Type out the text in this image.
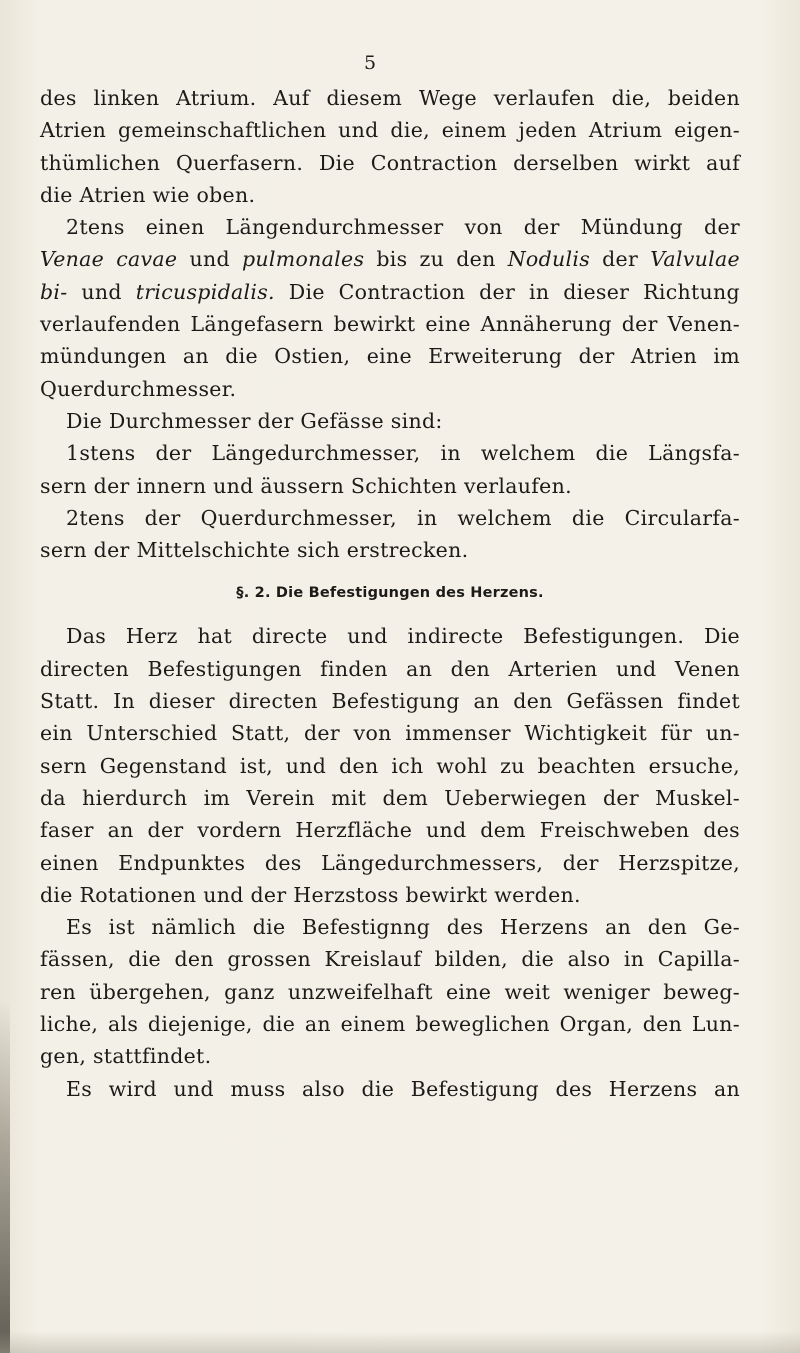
5
des linken Atrium. Auf diesem Wege verlaufen die, beiden
Atrien gemeinschaftlichen und die, einem jeden Atrium eigen-
thümlichen Querfasern. Die Contraction derselben wirkt auf
die Atrien wie oben.
2tens einen Längendurchmesser von der Mündung der
Venae cavae und pulmonales bis zu den Nodulis der Valvulae
bi- und tricuspidalis. Die Contraction der in dieser Richtung
verlaufenden Längefasern bewirkt eine Annäherung der Venen-
mündungen an die Ostien, eine Erweiterung der Atrien im
Querdurchmesser.
Die Durchmesser der Gefässe sind:
1stens der Längedurchmesser, in welchem die Längsfa-
sern der innern und äussern Schichten verlaufen.
2tens der Querdurchmesser, in welchem die Circularfa-
sern der Mittelschichte sich erstrecken.
§. 2. Die Befestigungen des Herzens.
Das Herz hat directe und indirecte Befestigungen. Die
directen Befestigungen finden an den Arterien und Venen
Statt. In dieser directen Befestigung an den Gefässen findet
ein Unterschied Statt, der von immenser Wichtigkeit für un-
sern Gegenstand ist, und den ich wohl zu beachten ersuche,
da hierdurch im Verein mit dem Ueberwiegen der Muskel-
faser an der vordern Herzfläche und dem Freischweben des
einen Endpunktes des Längedurchmessers, der Herzspitze,
die Rotationen und der Herzstoss bewirkt werden.
Es ist nämlich die Befestignng des Herzens an den Ge-
fässen, die den grossen Kreislauf bilden, die also in Capilla-
ren übergehen, ganz unzweifelhaft eine weit weniger beweg-
liche, als diejenige, die an einem beweglichen Organ, den Lun-
gen, stattfindet.
Es wird und muss also die Befestigung des Herzens an
